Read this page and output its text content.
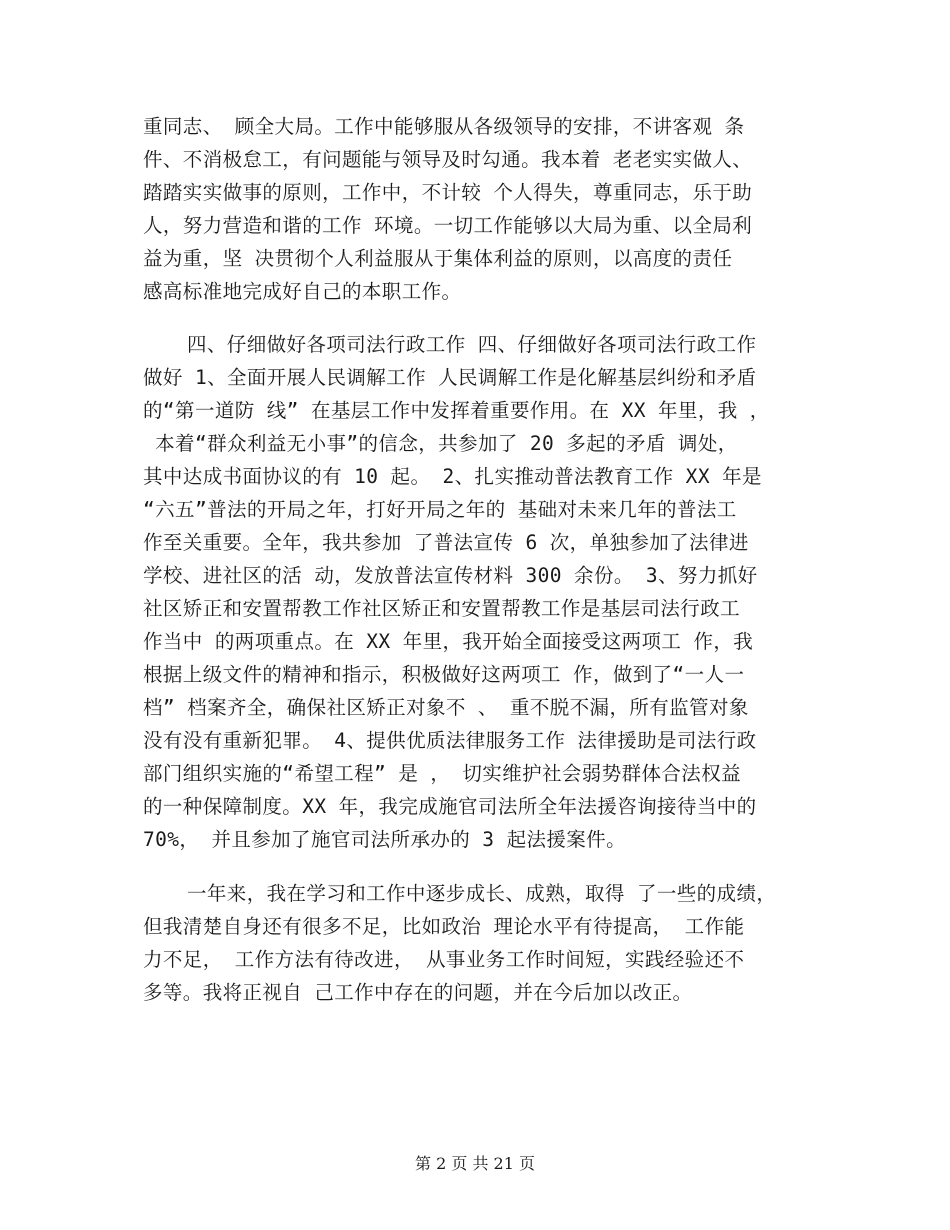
重同志、 顾全大局。工作中能够服从各级领导的安排，不讲客观 条
件、不消极怠工，有问题能与领导及时勾通。我本着 老老实实做人、
踏踏实实做事的原则，工作中，不计较 个人得失，尊重同志，乐于助
人，努力营造和谐的工作 环境。一切工作能够以大局为重、以全局利
益为重，坚 决贯彻个人利益服从于集体利益的原则，以高度的责任
感高标准地完成好自己的本职工作。
四、仔细做好各项司法行政工作 四、仔细做好各项司法行政工作
做好 1、全面开展人民调解工作 人民调解工作是化解基层纠纷和矛盾
的“第一道防 线” 在基层工作中发挥着重要作用。在 XX 年里，我 ，
本着“群众利益无小事”的信念，共参加了 20 多起的矛盾 调处，
其中达成书面协议的有 10 起。 2、扎实推动普法教育工作 XX 年是
“六五”普法的开局之年，打好开局之年的 基础对未来几年的普法工
作至关重要。全年，我共参加 了普法宣传 6 次，单独参加了法律进
学校、进社区的活 动，发放普法宣传材料 300 余份。 3、努力抓好
社区矫正和安置帮教工作社区矫正和安置帮教工作是基层司法行政工
作当中 的两项重点。在 XX 年里，我开始全面接受这两项工 作，我
根据上级文件的精神和指示，积极做好这两项工 作，做到了“一人一
档” 档案齐全，确保社区矫正对象不 、 重不脱不漏，所有监管对象
没有没有重新犯罪。 4、提供优质法律服务工作 法律援助是司法行政
部门组织实施的“希望工程” 是 ， 切实维护社会弱势群体合法权益
的一种保障制度。XX 年，我完成施官司法所全年法援咨询接待当中的
70%， 并且参加了施官司法所承办的 3 起法援案件。
一年来，我在学习和工作中逐步成长、成熟，取得 了一些的成绩，
但我清楚自身还有很多不足，比如政治 理论水平有待提高， 工作能
力不足， 工作方法有待改进， 从事业务工作时间短，实践经验还不
多等。我将正视自 己工作中存在的问题，并在今后加以改正。
第 2 页 共 21 页
